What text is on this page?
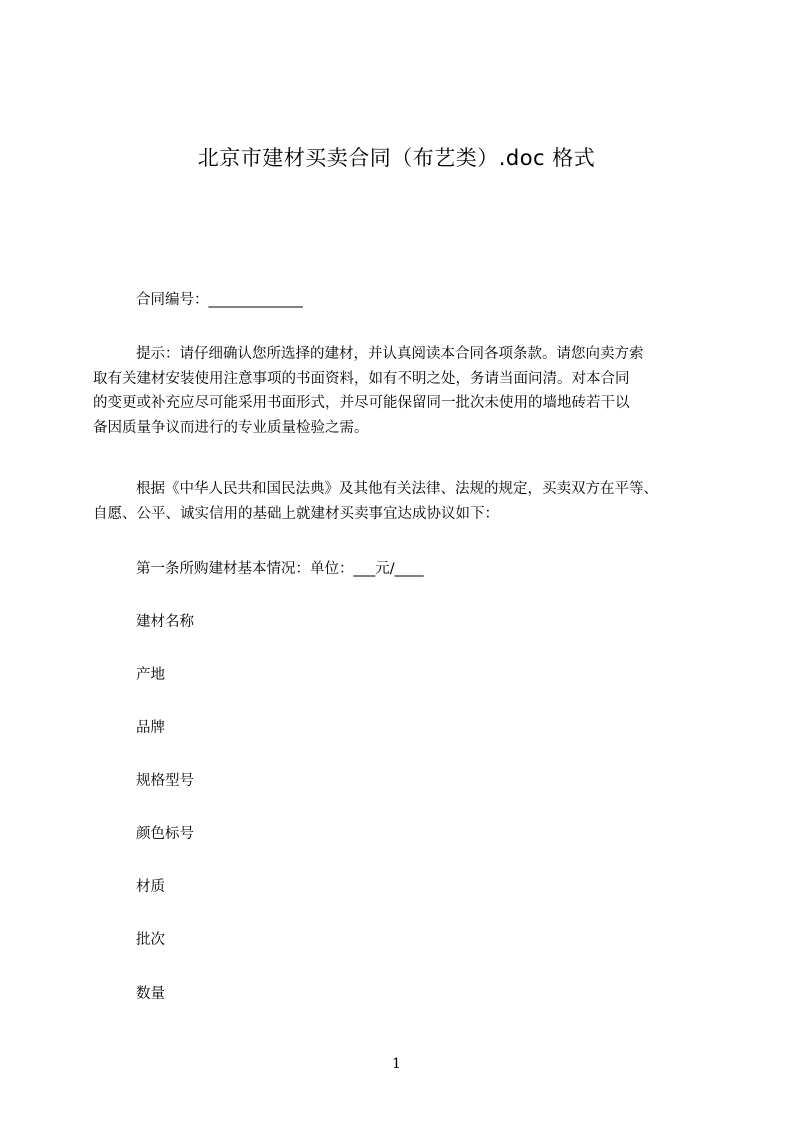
北京市建材买卖合同（布艺类）.doc 格式
合同编号：_____________
提示：请仔细确认您所选择的建材，并认真阅读本合同各项条款。请您向卖方索
取有关建材安装使用注意事项的书面资料，如有不明之处，务请当面问清。对本合同
的变更或补充应尽可能采用书面形式，并尽可能保留同一批次未使用的墙地砖若干以
备因质量争议而进行的专业质量检验之需。
根据《中华人民共和国民法典》及其他有关法律、法规的规定，买卖双方在平等、
自愿、公平、诚实信用的基础上就建材买卖事宜达成协议如下：
第一条所购建材基本情况：单位：___元/____
建材名称
产地
品牌
规格型号
颜色标号
材质
批次
数量
1
